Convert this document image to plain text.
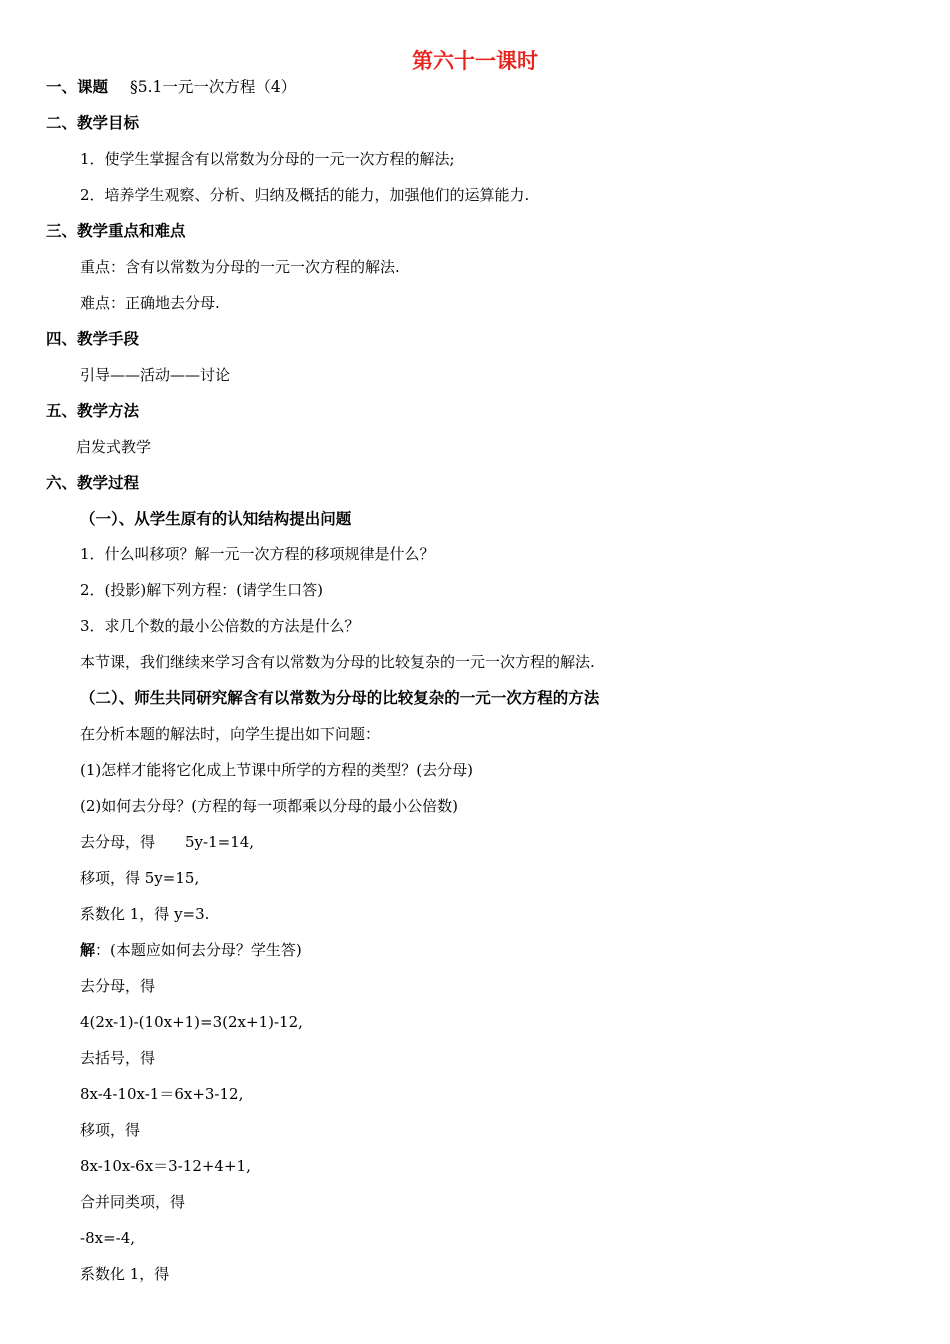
第六十一课时
一、课题 §5.1一元一次方程（4）
二、教学目标
1．使学生掌握含有以常数为分母的一元一次方程的解法;
2．培养学生观察、分析、归纳及概括的能力，加强他们的运算能力.
三、教学重点和难点
重点：含有以常数为分母的一元一次方程的解法.
难点：正确地去分母.
四、教学手段
引导——活动——讨论
五、教学方法
启发式教学
六、教学过程
（一）、从学生原有的认知结构提出问题
1．什么叫移项？解一元一次方程的移项规律是什么？
2．(投影)解下列方程：(请学生口答)
3．求几个数的最小公倍数的方法是什么？
本节课，我们继续来学习含有以常数为分母的比较复杂的一元一次方程的解法.
（二）、师生共同研究解含有以常数为分母的比较复杂的一元一次方程的方法
在分析本题的解法时，向学生提出如下问题：
(1)怎样才能将它化成上节课中所学的方程的类型？(去分母)
(2)如何去分母？(方程的每一项都乘以分母的最小公倍数)
去分母，得 5y-1=14,
移项，得 5y=15,
系数化 1，得 y=3.
解：(本题应如何去分母？学生答)
去分母，得
4(2x-1)-(10x+1)=3(2x+1)-12,
去括号，得
8x-4-10x-1＝6x+3-12,
移项，得
8x-10x-6x＝3-12+4+1,
合并同类项，得
-8x=-4,
系数化 1，得
